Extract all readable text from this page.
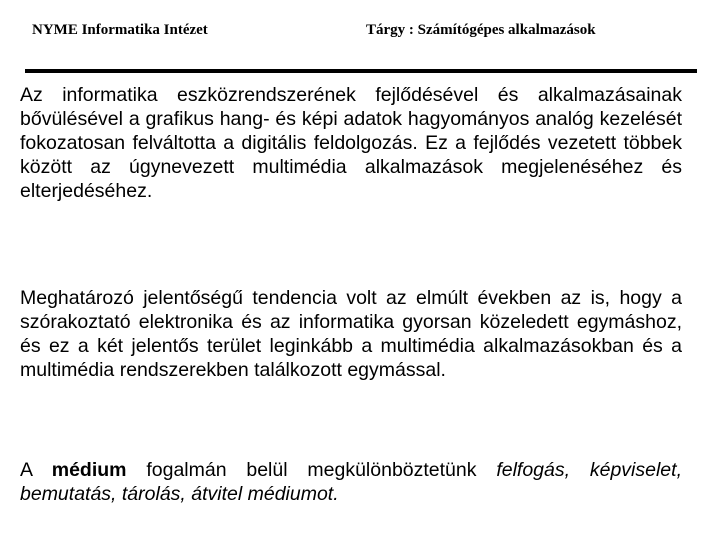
NYME Informatika Intézet	Tárgy : Számítógépes alkalmazások

Az informatika eszközrendszerének fejlődésével és alkalmazásainak bővülésével a grafikus hang- és képi adatok hagyományos analóg kezelését fokozatosan felváltotta a digitális feldolgozás. Ez a fejlődés vezetett többek között az úgynevezett multimédia alkalmazások megjelenéséhez és elterjedéséhez.

Meghatározó jelentőségű tendencia volt az elmúlt években az is, hogy a szórakoztató elektronika és az informatika gyorsan közeledett egymáshoz, és ez a két jelentős terület leginkább a multimédia alkalmazásokban és a multimédia rendszerekben találkozott egymással.

A médium fogalmán belül megkülönböztetünk felfogás, képviselet, bemutatás, tárolás, átvitel médiumot.
